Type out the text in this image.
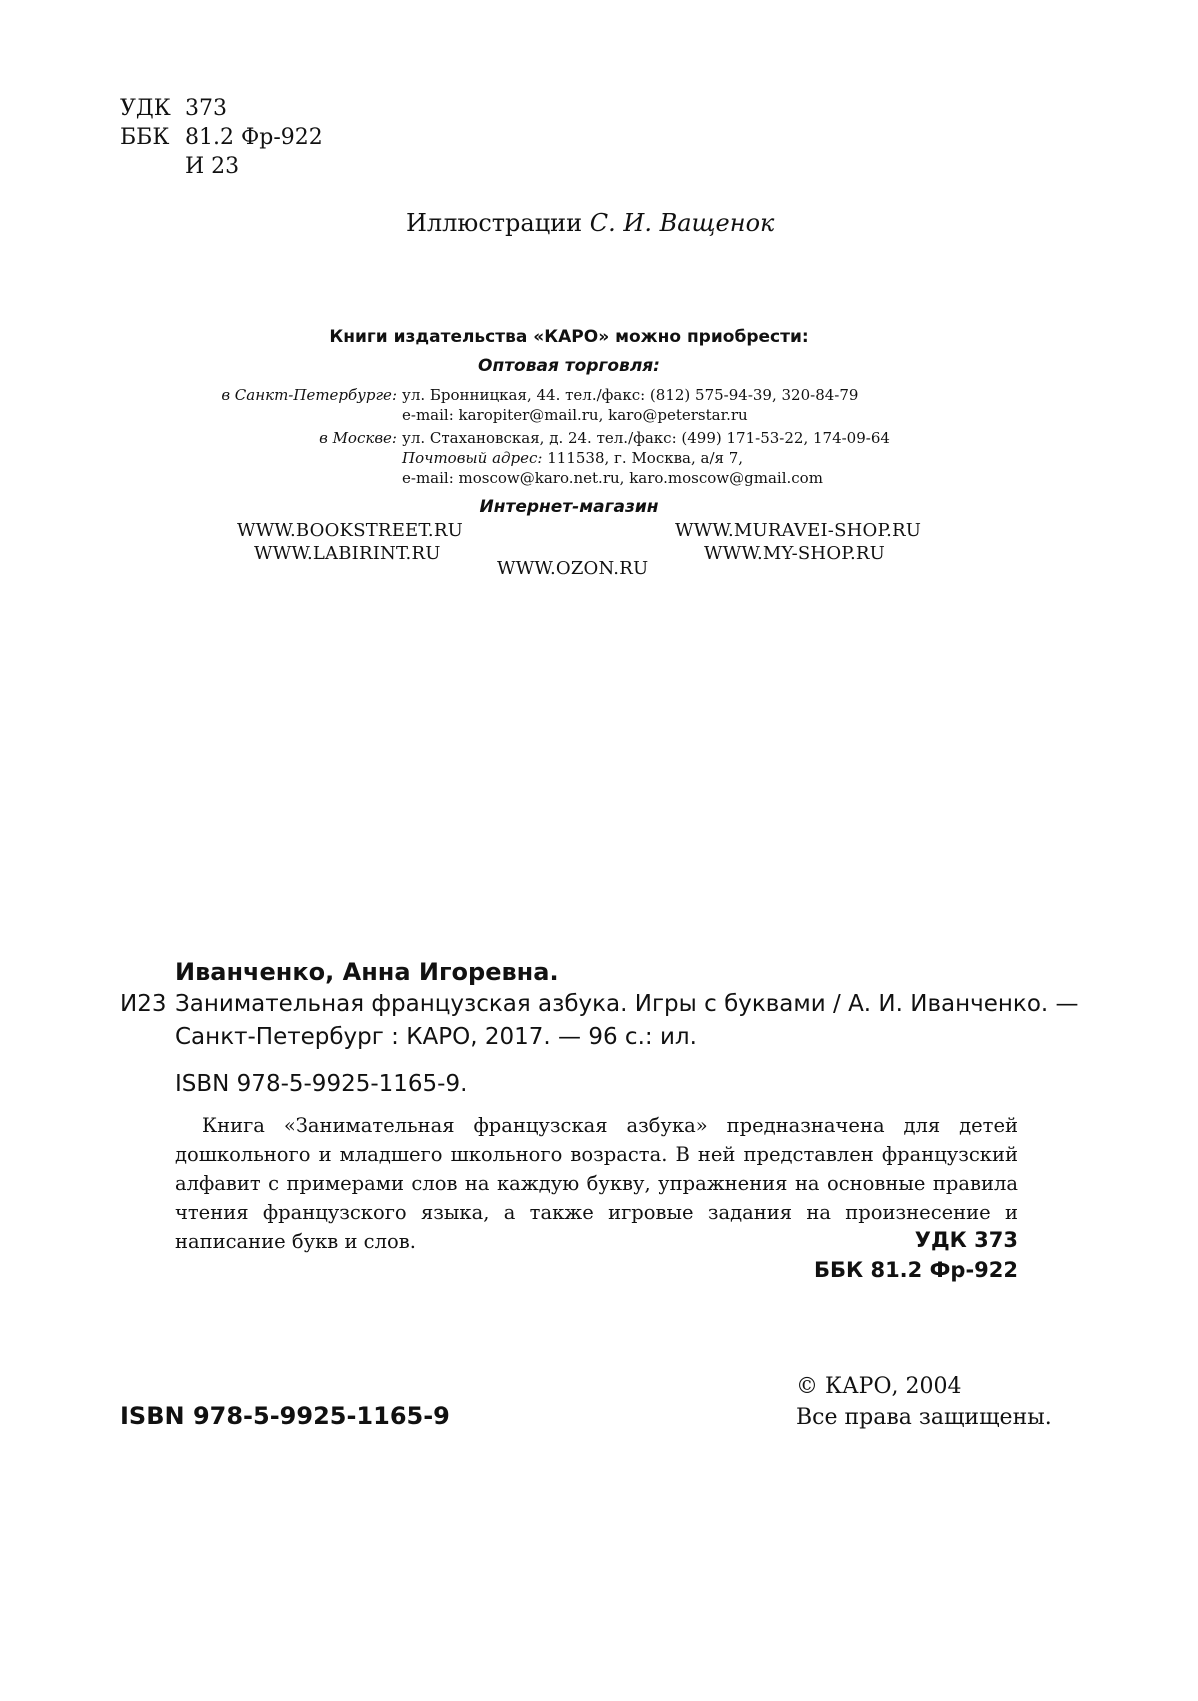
УДК 373
ББК 81.2 Фр-922
И 23
Иллюстрации С. И. Ващенок
Книги издательства «КАРО» можно приобрести:
Оптовая торговля:
в Санкт-Петербурге: ул. Бронницкая, 44. тел./факс: (812) 575-94-39, 320-84-79
e-mail: karopiter@mail.ru, karo@peterstar.ru
в Москве: ул. Стахановская, д. 24. тел./факс: (499) 171-53-22, 174-09-64
Почтовый адрес: 111538, г. Москва, а/я 7,
e-mail: moscow@karo.net.ru, karo.moscow@gmail.com
Интернет-магазин
WWW.BOOKSTREET.RU
WWW.LABIRINT.RU
WWW.OZON.RU
WWW.MURAVEI-SHOP.RU
WWW.MY-SHOP.RU
Иванченко, Анна Игоревна.
И23 Занимательная французская азбука. Игры с буквами / А. И. Иванченко. —
Санкт-Петербург : КАРО, 2017. — 96 с.: ил.
ISBN 978-5-9925-1165-9.
Книга «Занимательная французская азбука» предназначена для детей дошкольного и младшего школьного возраста. В ней представлен французский алфавит с примерами слов на каждую букву, упражнения на основные правила чтения французского языка, а также игровые задания на произнесение и написание букв и слов.	УДК 373
ББК 81.2 Фр-922
ISBN 978-5-9925-1165-9
© КАРО, 2004
Все права защищены.
